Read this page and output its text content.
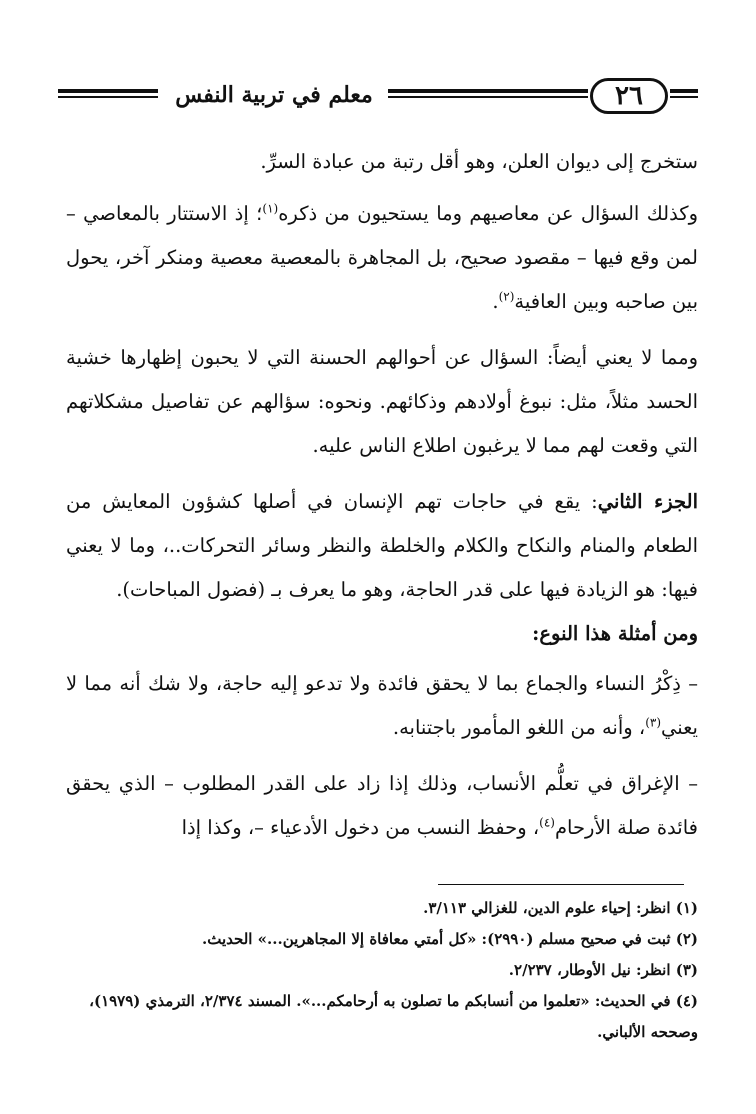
معلم في تربية النفس	٢٦

ستخرج إلى ديوان العلن، وهو أقل رتبة من عبادة السرِّ.

وكذلك السؤال عن معاصيهم وما يستحيون من ذكره$^{(١)}$؛ إذ الاستتار بالمعاصي – لمن وقع فيها – مقصود صحيح، بل المجاهرة بالمعصية معصية ومنكر آخر، يحول بين صاحبه وبين العافية$^{(٢)}$.

ومما لا يعني أيضاً: السؤال عن أحوالهم الحسنة التي لا يحبون إظهارها خشية الحسد مثلاً، مثل: نبوغ أولادهم وذكائهم. ونحوه: سؤالهم عن تفاصيل مشكلاتهم التي وقعت لهم مما لا يرغبون اطلاع الناس عليه.

الجزء الثاني: يقع في حاجات تهم الإنسان في أصلها كشؤون المعايش من الطعام والمنام والنكاح والكلام والخلطة والنظر وسائر التحركات..، وما لا يعني فيها: هو الزيادة فيها على قدر الحاجة، وهو ما يعرف بـ (فضول المباحات).

ومن أمثلة هذا النوع:

– ذِكْرُ النساء والجماع بما لا يحقق فائدة ولا تدعو إليه حاجة، ولا شك أنه مما لا يعني$^{(٣)}$، وأنه من اللغو المأمور باجتنابه.

– الإغراق في تعلُّم الأنساب، وذلك إذا زاد على القدر المطلوب – الذي يحقق فائدة صلة الأرحام$^{(٤)}$، وحفظ النسب من دخول الأدعياء –، وكذا إذا

(١) انظر: إحياء علوم الدين، للغزالي ٣/١١٣.

(٢) ثبت في صحيح مسلم (٢٩٩٠): «كل أمتي معافاة إلا المجاهرين...» الحديث.

(٣) انظر: نيل الأوطار، ٢/٢٣٧.

(٤) في الحديث: «تعلموا من أنسابكم ما تصلون به أرحامكم...». المسند ٢/٣٧٤، الترمذي (١٩٧٩)، وصححه الألباني.
